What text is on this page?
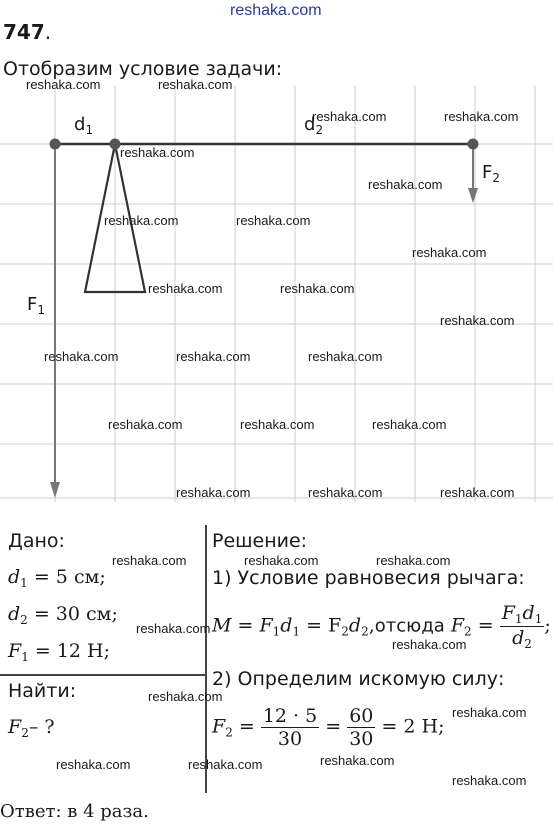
reshaka.com
747.
Отобразим условие задачи:
$d_1$	$d_2$
$F_2$
$F_1$
Дано:
$d_1 = 5$ см;
$d_2 = 30$ см;
$F_1 = 12$ Н;
Найти:
$F_2-$ ?
Решение:
1) Условие равновесия рычага:
$M = F_1d_1$ = $F_2d_2,отсюда$ $F_2 = \frac{F_1d_1}{d_2}$ ;
2) Определим искомую силу:
$F_2 = \frac{12 \cdot 5}{30} = \frac{60}{30} = 2$ Н;
Ответ: в 4 раза.
reshaka.com	reshaka.com
reshaka.com	reshaka.com
reshaka.com
reshaka.com
reshaka.com	reshaka.com
reshaka.com
reshaka.com	reshaka.com
reshaka.com
reshaka.com	reshaka.com	reshaka.com
reshaka.com	reshaka.com	reshaka.com
reshaka.com	reshaka.com	reshaka.com
reshaka.com	reshaka.com	reshaka.com
reshaka.com
reshaka.com
reshaka.com
reshaka.com
reshaka.com	reshaka.com	reshaka.com
reshaka.com
